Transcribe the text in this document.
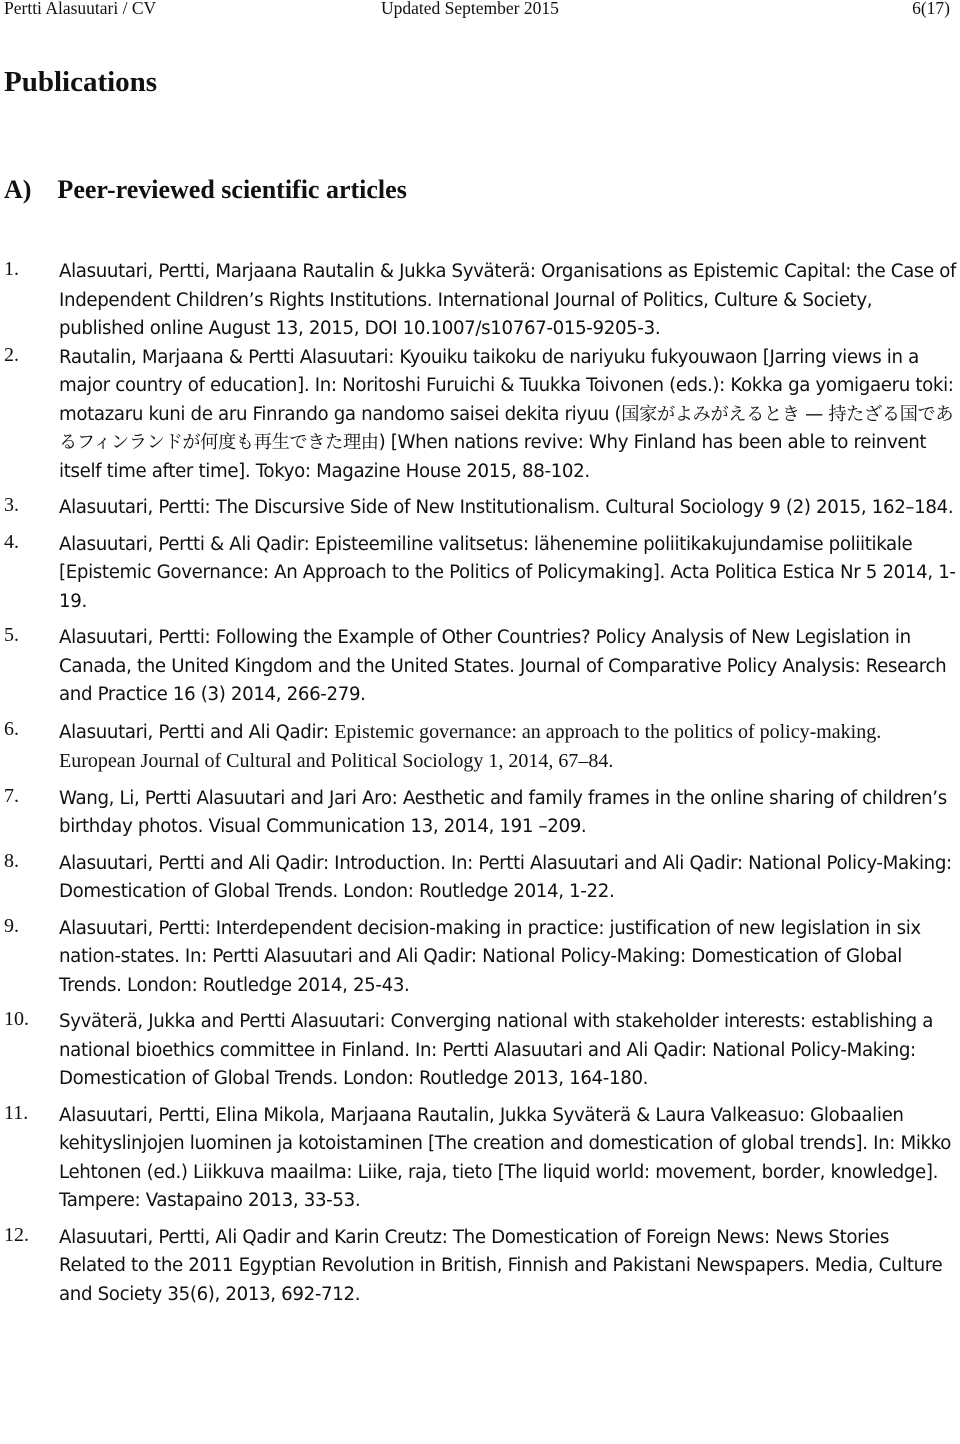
Pertti Alasuutari / CV	Updated September 2015	6(17)
Publications
A)    Peer-reviewed scientific articles
1. Alasuutari, Pertti, Marjaana Rautalin & Jukka Syväterä: Organisations as Epistemic Capital: the Case of Independent Children’s Rights Institutions. International Journal of Politics, Culture & Society, published online August 13, 2015, DOI 10.1007/s10767-015-9205-3.
2. Rautalin, Marjaana & Pertti Alasuutari: Kyouiku taikoku de nariyuku fukyouwaon [Jarring views in a major country of education]. In: Noritoshi Furuichi & Tuukka Toivonen (eds.): Kokka ga yomigaeru toki: motazaru kuni de aru Finrando ga nandomo saisei dekita riyuu (国家がよみがえるとき — 持たざる国であるフィンランドが何度も再生できた理由) [When nations revive: Why Finland has been able to reinvent itself time after time]. Tokyo: Magazine House 2015, 88-102.
3. Alasuutari, Pertti: The Discursive Side of New Institutionalism. Cultural Sociology 9 (2) 2015, 162–184.
4. Alasuutari, Pertti & Ali Qadir: Episteemiline valitsetus: lähenemine poliitikakujundamise poliitikale [Epistemic Governance: An Approach to the Politics of Policymaking]. Acta Politica Estica Nr 5 2014, 1-19.
5. Alasuutari, Pertti: Following the Example of Other Countries? Policy Analysis of New Legislation in Canada, the United Kingdom and the United States. Journal of Comparative Policy Analysis: Research and Practice 16 (3) 2014, 266-279.
6. Alasuutari, Pertti and Ali Qadir: Epistemic governance: an approach to the politics of policy-making. European Journal of Cultural and Political Sociology 1, 2014, 67–84.
7. Wang, Li, Pertti Alasuutari and Jari Aro: Aesthetic and family frames in the online sharing of children’s birthday photos. Visual Communication 13, 2014, 191 –209.
8. Alasuutari, Pertti and Ali Qadir: Introduction. In: Pertti Alasuutari and Ali Qadir: National Policy-Making: Domestication of Global Trends. London: Routledge 2014, 1-22.
9. Alasuutari, Pertti: Interdependent decision-making in practice: justification of new legislation in six nation-states. In: Pertti Alasuutari and Ali Qadir: National Policy-Making: Domestication of Global Trends. London: Routledge 2014, 25-43.
10. Syväterä, Jukka and Pertti Alasuutari: Converging national with stakeholder interests: establishing a national bioethics committee in Finland. In: Pertti Alasuutari and Ali Qadir: National Policy-Making: Domestication of Global Trends. London: Routledge 2013, 164-180.
11. Alasuutari, Pertti, Elina Mikola, Marjaana Rautalin, Jukka Syväterä & Laura Valkeasuo: Globaalien kehityslinjojen luominen ja kotoistaminen [The creation and domestication of global trends]. In: Mikko Lehtonen (ed.) Liikkuva maailma: Liike, raja, tieto [The liquid world: movement, border, knowledge]. Tampere: Vastapaino 2013, 33-53.
12. Alasuutari, Pertti, Ali Qadir and Karin Creutz: The Domestication of Foreign News: News Stories Related to the 2011 Egyptian Revolution in British, Finnish and Pakistani Newspapers. Media, Culture and Society 35(6), 2013, 692-712.
